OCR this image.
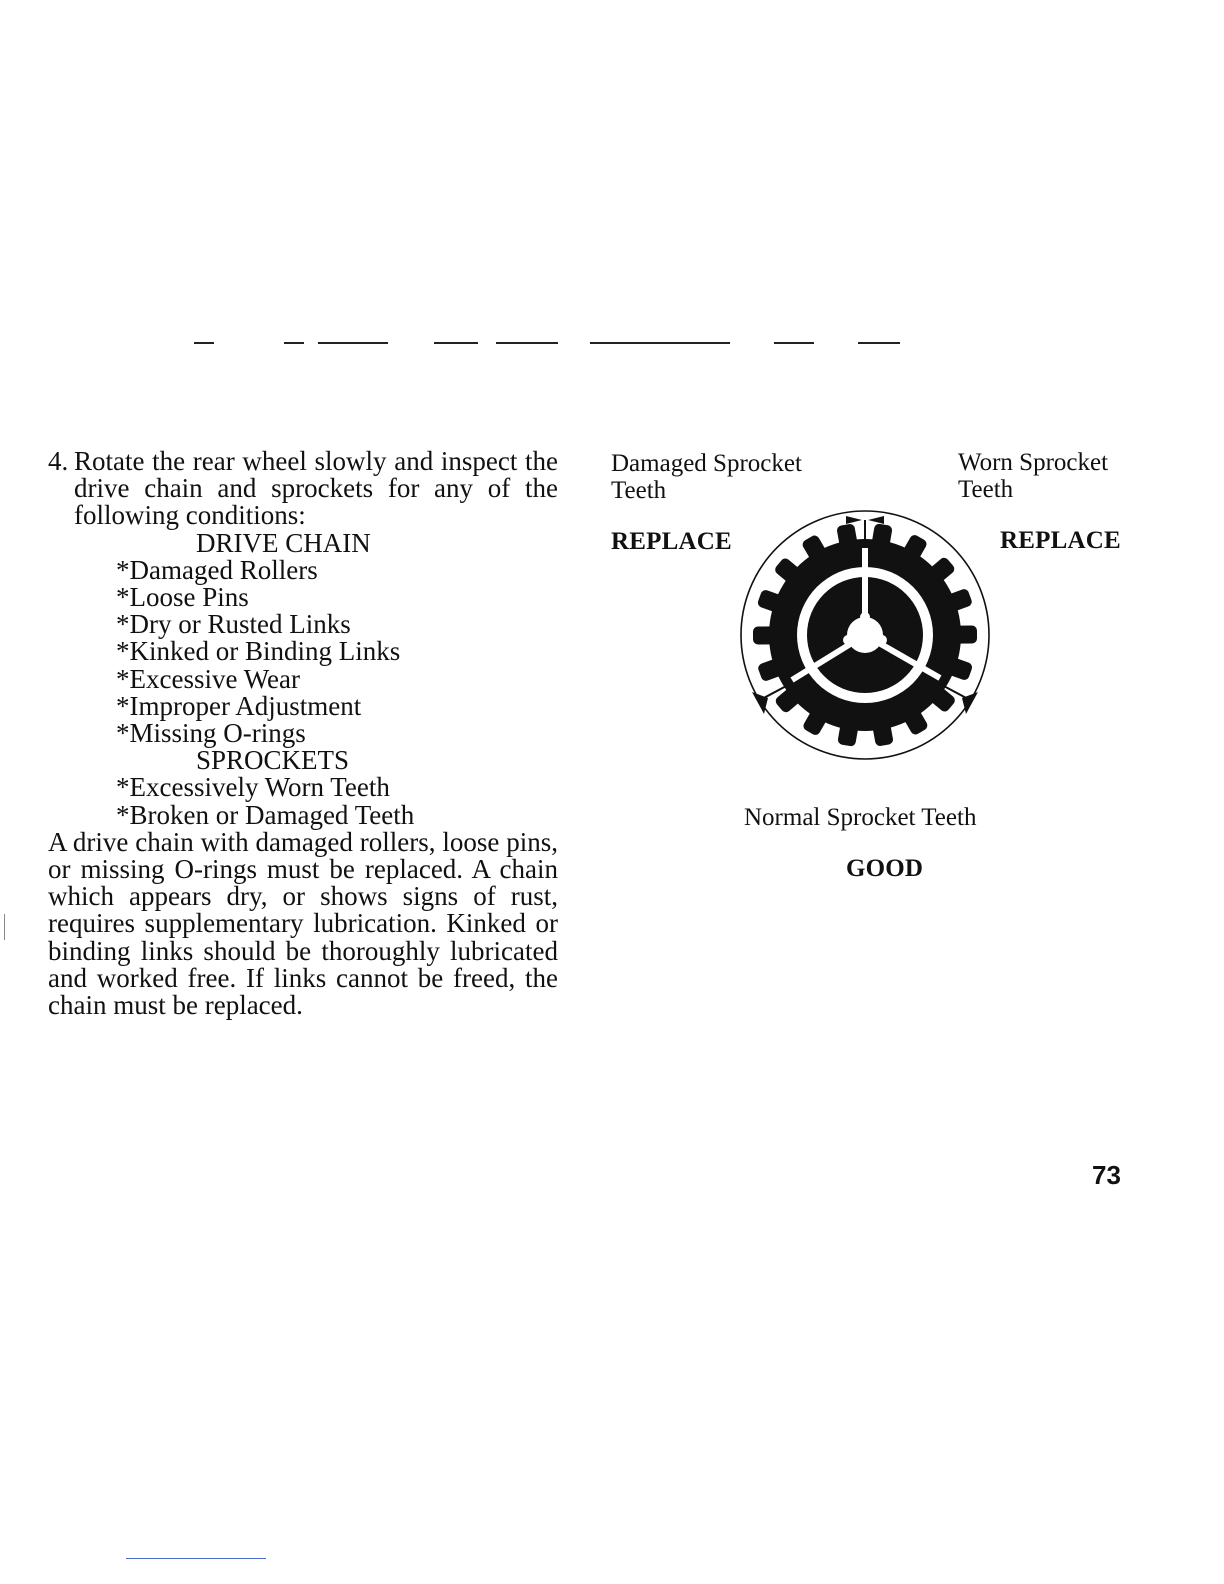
4. Rotate the rear wheel slowly and inspect the drive chain and sprockets for any of the following conditions:
DRIVE CHAIN
*Damaged Rollers
*Loose Pins
*Dry or Rusted Links
*Kinked or Binding Links
*Excessive Wear
*Improper Adjustment
*Missing O-rings
SPROCKETS
*Excessively Worn Teeth
*Broken or Damaged Teeth
A drive chain with damaged rollers, loose pins, or missing O-rings must be replaced. A chain which appears dry, or shows signs of rust, requires supplementary lubrication. Kinked or binding links should be thoroughly lubricated and worked free. If links cannot be freed, the chain must be replaced.
Damaged Sprocket
Teeth
REPLACE
Worn Sprocket
Teeth
REPLACE
Normal Sprocket Teeth
GOOD
73
